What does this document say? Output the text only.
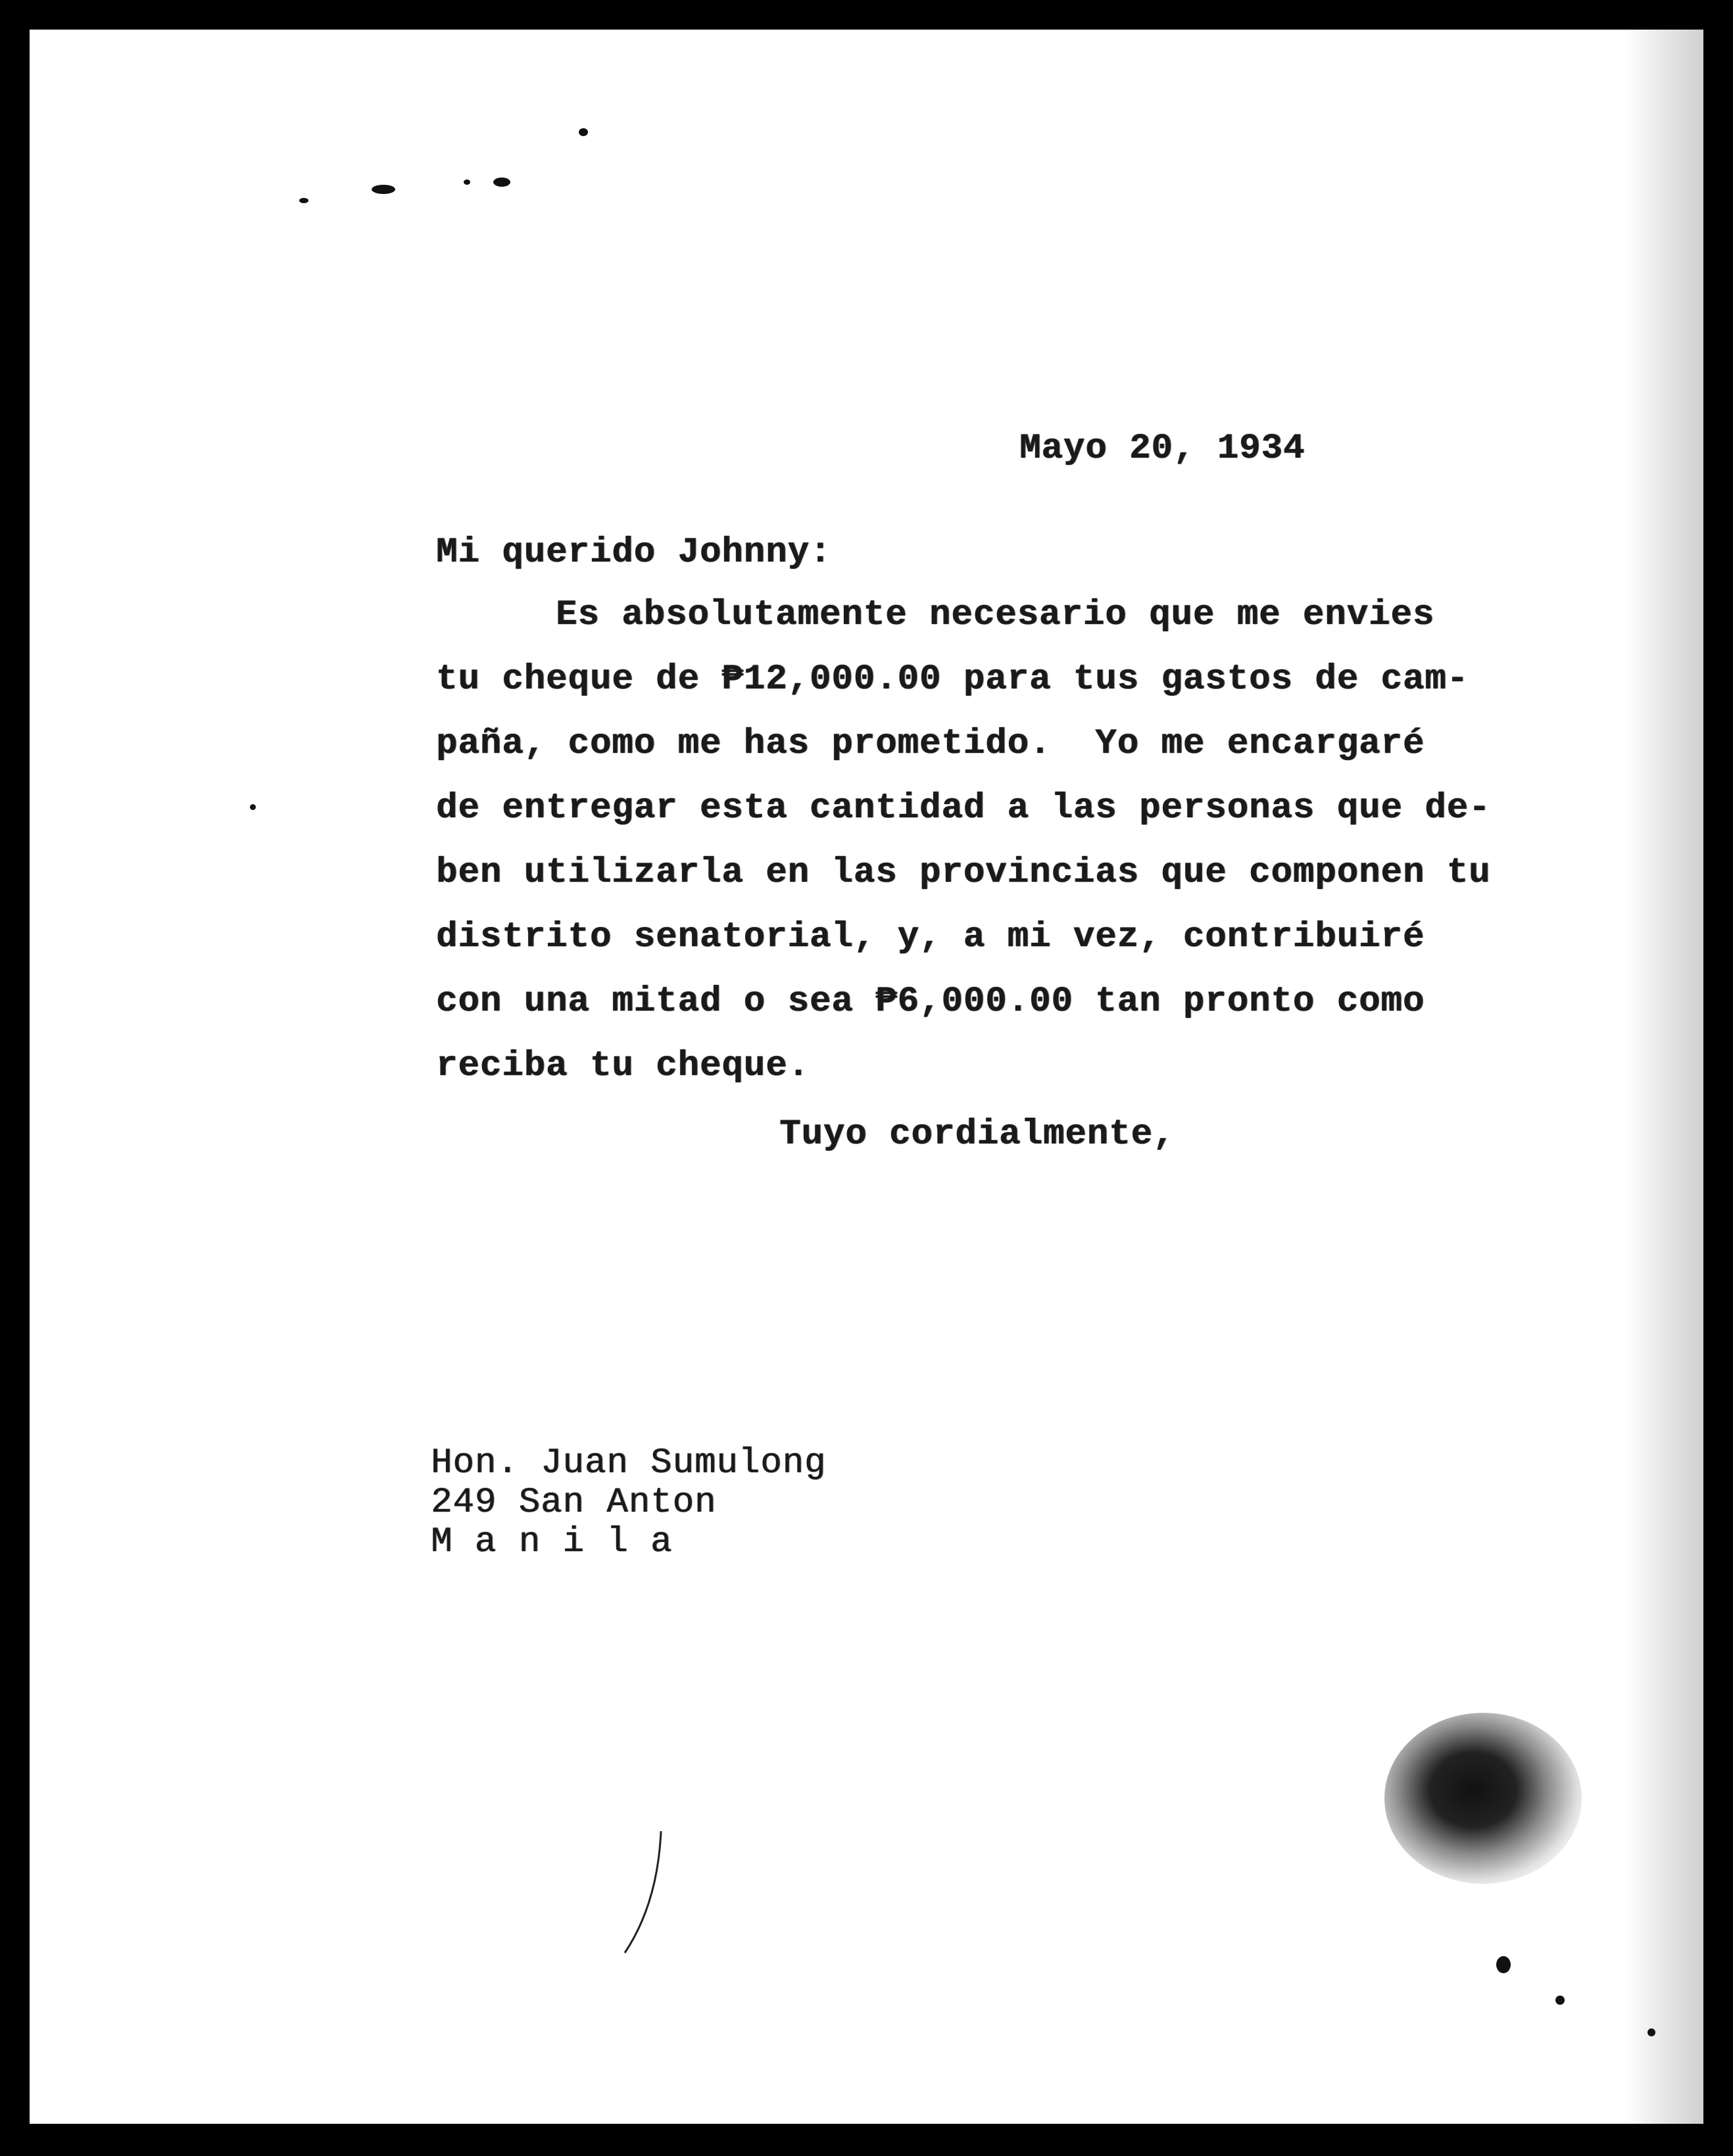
Mayo 20, 1934
Mi querido Johnny:
Es absolutamente necesario que me envies
tu cheque de ₱12,000.00 para tus gastos de cam-
paña, como me has prometido.  Yo me encargaré
de entregar esta cantidad a las personas que de-
ben utilizarla en las provincias que componen tu
distrito senatorial, y, a mi vez, contribuiré
con una mitad o sea ₱6,000.00 tan pronto como
reciba tu cheque.
Tuyo cordialmente,
Hon. Juan Sumulong
249 San Anton
M a n i l a
